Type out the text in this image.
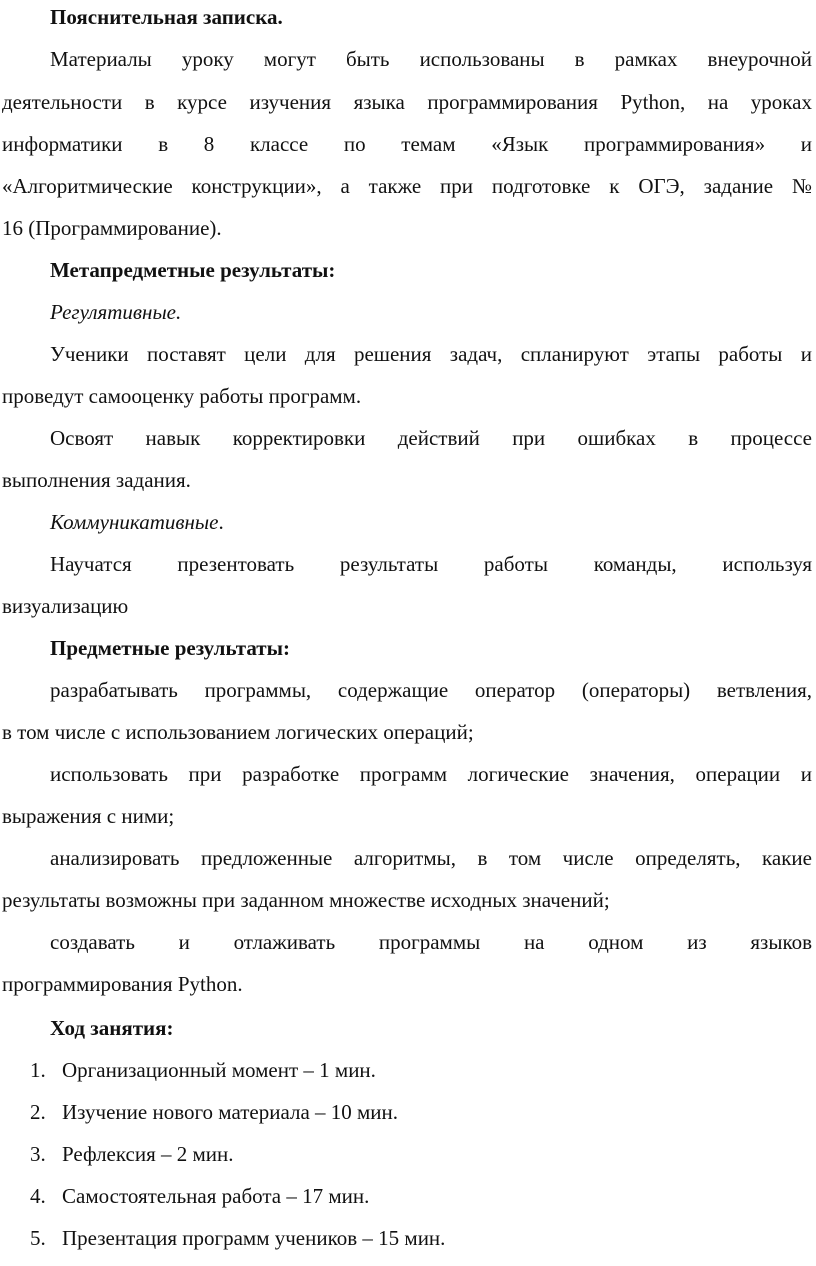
Пояснительная записка.
Материалы уроку могут быть использованы в рамках внеурочной
деятельности в курсе изучения языка программирования Python, на уроках
информатики в 8 классе по темам «Язык программирования» и
«Алгоритмические конструкции», а также при подготовке к ОГЭ, задание №
16 (Программирование).
Метапредметные результаты:
Регулятивные.
Ученики поставят цели для решения задач, спланируют этапы работы и
проведут самооценку работы программ.
Освоят навык корректировки действий при ошибках в процессе
выполнения задания.
Коммуникативные.
Научатся презентовать результаты работы команды, используя
визуализацию
Предметные результаты:
разрабатывать программы, содержащие оператор (операторы) ветвления,
в том числе с использованием логических операций;
использовать при разработке программ логические значения, операции и
выражения с ними;
анализировать предложенные алгоритмы, в том числе определять, какие
результаты возможны при заданном множестве исходных значений;
создавать и отлаживать программы на одном из языков
программирования Python.
Ход занятия:
1. Организационный момент – 1 мин.
2. Изучение нового материала – 10 мин.
3. Рефлексия – 2 мин.
4. Самостоятельная работа – 17 мин.
5. Презентация программ учеников – 15 мин.
